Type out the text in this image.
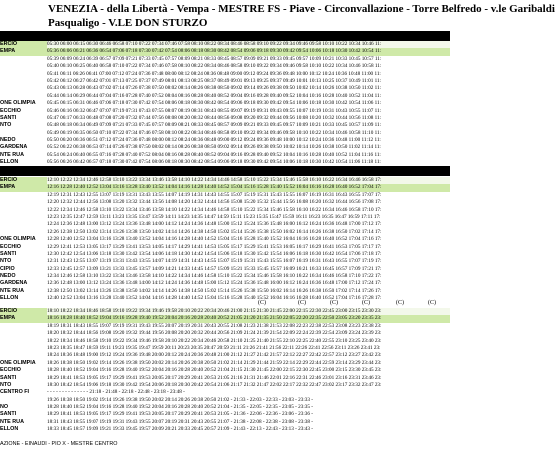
VENEZIA - della Libertà - Vempa - MESTRE FS - Piave - Circonvallazione - Torre Belfredo - v.le Garibaldi
Pasqualigo - V.LE DON STURZO
ERCIO	05:30 06:00 06:15 06:30 06:46 06:58 07:10 07:22 07:34 07:46 07:58 08:10 08:22 08:34 08:46 08:58 09:10 09:22 09:34 09:46 09:58 10:10 10:22 10:34 10:46 11:
EMPA	05:36 06:06 06:21 06:36 06:54 07:06 07:18 07:30 07:42 07:54 08:06 08:18 08:30 08:42 08:54 09:06 09:18 09:30 09:42 09:54 10:06 10:18 10:30 10:42 10:54 11:
05:39 06:09 06:24 06:39 06:57 07:09 07:21 07:33 07:45 07:57 08:09 08:21 08:33 08:45 08:57 09:09 09:21 09:33 09:45 09:57 10:09 10:21 10:33 10:45 10:57 11:
05:40 06:10 06:25 06:40 06:58 07:10 07:22 07:34 07:46 07:58 08:10 08:22 08:34 08:46 08:58 09:10 09:22 09:34 09:46 09:58 10:10 10:22 10:34 10:46 10:58 11:
05:41 06:11 06:26 06:41 07:00 07:12 07:24 07:36 07:48 08:00 08:12 08:24 08:36 08:48 09:00 09:12 09:24 09:36 09:48 10:00 10:12 10:24 10:36 10:48 11:00 11:
05:42 06:12 06:27 06:42 07:01 07:13 07:25 07:37 07:49 08:01 08:13 08:25 08:37 08:49 09:01 09:13 09:25 09:37 09:49 10:01 10:13 10:25 10:37 10:49 11:01 11:
05:43 06:13 06:28 06:43 07:02 07:14 07:26 07:38 07:50 08:02 08:14 08:26 08:38 08:50 09:02 09:14 09:26 09:38 09:50 10:02 10:14 10:26 10:38 10:50 11:02 11:
05:44 06:14 06:29 06:44 07:04 07:16 07:28 07:40 07:52 08:04 08:16 08:28 08:40 08:52 09:04 09:16 09:28 09:40 09:52 10:04 10:16 10:28 10:40 10:52 11:04 11:
ONE OLIMPIA	05:45 06:15 06:31 06:46 07:06 07:18 07:30 07:42 07:54 08:06 08:18 08:30 08:42 08:54 09:06 09:18 09:30 09:42 09:54 10:06 10:18 10:30 10:42 10:54 11:06 11:
ECCHIO	05:46 06:16 06:32 06:47 07:07 07:19 07:31 07:43 07:55 08:07 08:19 08:31 08:43 08:55 09:07 09:19 09:31 09:43 09:55 10:07 10:19 10:31 10:43 10:55 11:07 11:
SANTI	05:47 06:17 06:33 06:48 07:08 07:20 07:32 07:44 07:56 08:08 08:20 08:32 08:44 08:56 09:08 09:20 09:32 09:44 09:56 10:08 10:20 10:32 10:44 10:56 11:08 11:
NTO	05:48 06:18 06:34 06:49 07:09 07:21 07:33 07:45 07:57 08:09 08:21 08:33 08:45 08:57 09:09 09:21 09:33 09:45 09:57 10:09 10:21 10:33 10:45 10:57 11:09 11:
05:49 06:19 06:35 06:50 07:10 07:22 07:34 07:46 07:58 08:10 08:22 08:34 08:46 08:58 09:10 09:22 09:34 09:46 09:58 10:10 10:22 10:34 10:46 10:58 11:10 11:
NEDO	05:50 06:20 06:36 06:51 07:12 07:24 07:36 07:48 08:00 08:12 08:24 08:36 08:48 09:00 09:12 09:24 09:36 09:48 10:00 10:12 10:24 10:36 10:48 11:00 11:12 11:
GARDENA	05:52 06:22 06:38 06:53 07:14 07:26 07:38 07:50 08:02 08:14 08:26 08:38 08:50 09:02 09:14 09:26 09:38 09:50 10:02 10:14 10:26 10:38 10:50 11:02 11:14 11:
NTE RUA	05:54 06:24 06:40 06:55 07:16 07:28 07:40 07:52 08:04 08:16 08:28 08:40 08:52 09:04 09:16 09:28 09:40 09:52 10:04 10:16 10:28 10:40 10:52 11:04 11:16 11:
ELLON	05:56 06:26 06:42 06:57 07:18 07:30 07:42 07:54 08:06 08:18 08:30 08:42 08:54 09:06 09:18 09:30 09:42 09:54 10:06 10:18 10:30 10:42 10:54 11:06 11:18 11:
ERCIO	12:10 12:22 12:34 12:46 12:58 13:10 13:22 13:34 13:46 13:58 14:10 14:22 14:34 14:46 14:58 15:10 15:22 15:34 15:46 15:58 16:10 16:22 16:34 16:46 16:58 17:
EMPA	12:16 12:28 12:40 12:52 13:04 13:16 13:28 13:40 13:52 14:04 14:16 14:28 14:40 14:52 15:04 15:16 15:28 15:40 15:52 16:04 16:16 16:28 16:40 16:52 17:04 17:
12:19 12:31 12:43 12:55 13:07 13:19 13:31 13:43 13:55 14:07 14:19 14:31 14:43 14:55 15:07 15:19 15:31 15:43 15:55 16:07 16:19 16:31 16:43 16:55 17:07 17:
12:20 12:32 12:44 12:56 13:08 13:20 13:32 13:44 13:56 14:08 14:20 14:32 14:44 14:56 15:08 15:20 15:32 15:44 15:56 16:08 16:20 16:32 16:44 16:56 17:08 17:
12:22 12:34 12:46 12:58 13:10 13:22 13:34 13:46 13:58 14:10 14:22 14:34 14:46 14:58 15:10 15:22 15:34 15:46 15:58 16:10 16:22 16:34 16:46 16:58 17:10 17:
12:23 12:35 12:47 12:59 13:11 13:23 13:35 13:47 13:59 14:11 14:23 14:35 14:47 14:59 15:11 15:23 15:35 15:47 15:59 16:11 16:23 16:35 16:47 16:59 17:11 17:
12:24 12:36 12:48 13:00 13:12 13:24 13:36 13:48 14:00 14:12 14:24 14:36 14:48 15:00 15:12 15:24 15:36 15:48 16:00 16:12 16:24 16:36 16:48 17:00 17:12 17:
12:26 12:38 12:50 13:02 13:14 13:26 13:38 13:50 14:02 14:14 14:26 14:38 14:50 15:02 15:14 15:26 15:38 15:50 16:02 16:14 16:26 16:38 16:50 17:02 17:14 17:
ONE OLIMPIA	12:28 12:40 12:52 13:04 13:16 13:28 13:40 13:52 14:04 14:16 14:28 14:40 14:52 15:04 15:16 15:28 15:40 15:52 16:04 16:16 16:28 16:40 16:52 17:04 17:16 17:
ECCHIO	12:29 12:41 12:53 13:05 13:17 13:29 13:41 13:53 14:05 14:17 14:29 14:41 14:53 15:05 15:17 15:29 15:41 15:53 16:05 16:17 16:29 16:41 16:53 17:05 17:17 17:
SANTI	12:30 12:42 12:54 13:06 13:18 13:30 13:42 13:54 14:06 14:18 14:30 14:42 14:54 15:06 15:18 15:30 15:42 15:54 16:06 16:18 16:30 16:42 16:54 17:06 17:18 17:
NTO	12:31 12:43 12:55 13:07 13:19 13:31 13:43 13:55 14:07 14:19 14:31 14:43 14:55 15:07 15:19 15:31 15:43 15:55 16:07 16:19 16:31 16:43 16:55 17:07 17:19 17:
CIPIO	12:33 12:45 12:57 13:09 13:21 13:33 13:45 13:57 14:09 14:21 14:33 14:45 14:57 15:09 15:21 15:33 15:45 15:57 16:09 16:21 16:33 16:45 16:57 17:09 17:21 17:
NEDO	12:34 12:46 12:58 13:10 13:22 13:34 13:46 13:58 14:10 14:22 14:34 14:46 14:58 15:10 15:22 15:34 15:46 15:58 16:10 16:22 16:34 16:46 16:58 17:10 17:22 17:
GARDENA	12:36 12:48 13:00 13:12 13:24 13:36 13:48 14:00 14:12 14:24 14:36 14:48 15:00 15:12 15:24 15:36 15:48 16:00 16:12 16:24 16:36 16:48 17:00 17:12 17:24 17:
NTE RUA	12:38 12:50 13:02 13:14 13:26 13:38 13:50 14:02 14:14 14:26 14:38 14:50 15:02 15:14 15:26 15:38 15:50 16:02 16:14 16:26 16:38 16:50 17:02 17:14 17:26 17:
ELLON	12:40 12:52 13:04 13:16 13:28 13:40 13:52 14:04 14:16 14:28 14:40 14:52 15:04 15:16 15:28 15:40 15:52 16:04 16:16 16:28 16:40 16:52 17:04 17:16 17:28 17:
(C)	(C)	(C)	(C)	(C)	(C)
ERCIO	18:10 18:22 18:34 18:46 18:58 19:10 19:22 19:34 19:46 19:58 20:10 20:22 20:34 20:46 21:00 21:15 21:30 21:45 22:00 22:15 22:30 22:45 23:00 23:15 23:30 23:
EMPA	18:16 18:28 18:40 18:52 19:04 19:16 19:28 19:40 19:52 20:04 20:16 20:28 20:40 20:52 21:05 21:20 21:35 21:50 22:05 22:20 22:35 22:50 23:05 23:20 23:35 23:
18:19 18:31 18:43 18:55 19:07 19:19 19:31 19:43 19:55 20:07 20:19 20:31 20:43 20:55 21:08 21:23 21:38 21:53 22:08 22:23 22:38 22:53 23:08 23:23 23:38 23:
18:20 18:32 18:44 18:56 19:08 19:20 19:32 19:44 19:56 20:08 20:20 20:32 20:44 20:56 21:09 21:24 21:39 21:54 22:09 22:24 22:39 22:54 23:09 23:24 23:39 23:
18:22 18:34 18:46 18:58 19:10 19:22 19:34 19:46 19:58 20:10 20:22 20:34 20:46 20:58 21:10 21:25 21:40 21:55 22:10 22:25 22:40 22:55 23:10 23:25 23:40 23:
18:23 18:35 18:47 18:59 19:11 19:23 19:35 19:47 19:59 20:11 20:23 20:35 20:47 20:59 21:11 21:26 21:41 21:56 22:11 22:26 22:41 22:56 23:11 23:26 23:41 23:
18:24 18:36 18:48 19:00 19:12 19:24 19:36 19:48 20:00 20:12 20:24 20:36 20:48 21:00 21:12 21:27 21:42 21:57 22:12 22:27 22:42 22:57 23:12 23:27 23:42 23:
ONE OLIMPIA	18:26 18:38 18:50 19:02 19:14 19:26 19:38 19:50 20:02 20:14 20:26 20:38 20:50 21:02 21:14 21:29 21:44 21:59 22:14 22:29 22:44 22:59 23:14 23:29 23:44 23:
ECCHIO	18:28 18:40 18:52 19:04 19:16 19:28 19:40 19:52 20:04 20:16 20:28 20:40 20:52 21:04 21:15 21:30 21:45 22:00 22:15 22:30 22:45 23:00 23:15 23:30 23:45 23:
SANTI	18:29 18:41 18:53 19:05 19:17 19:29 19:41 19:53 20:05 20:17 20:29 20:41 20:53 21:05 21:16 21:31 21:46 22:01 22:16 22:31 22:46 23:01 23:16 23:31 23:46 23:
NTO	18:30 18:42 18:54 19:06 19:18 19:30 19:42 19:54 20:06 20:18 20:30 20:42 20:54 21:06 21:17 21:32 21:47 22:02 22:17 22:32 22:47 23:02 23:17 23:32 23:47 23:
CENTRO FI	- - - - - - - - - - - - - - 21:18 - 21:48 - 22:18 - 22:48 - 23:18 - 23:48 -
19:26 18:38 18:50 19:02 19:14 19:26 19:38 19:50 20:02 20:14 20:26 20:38 20:50 21:02 - 21:33 - 22:03 - 22:33 - 23:03 - 23:33 -
NO	18:28 18:40 18:52 19:04 19:16 19:28 19:40 19:52 20:04 20:16 20:28 20:40 20:52 21:04 - 21:35 - 22:05 - 22:35 - 23:05 - 23:35 -
SANTI	18:29 18:41 18:53 19:05 19:17 19:29 19:41 19:53 20:05 20:17 20:29 20:41 20:53 21:05 - 21:36 - 22:06 - 22:36 - 23:06 - 23:36 -
NTE RUA	18:31 18:43 18:55 19:07 19:19 19:31 19:43 19:55 20:07 20:19 20:31 20:43 20:55 21:07 - 21:38 - 22:08 - 22:38 - 23:08 - 23:38 -
ELLON	18:33 18:45 18:57 19:09 19:21 19:33 19:45 19:57 20:09 20:21 20:33 20:45 20:57 21:09 - 21:43 - 22:13 - 22:43 - 23:13 - 23:43 -
AZIONE - EINAUDI - PIO X - MESTRE CENTRO
